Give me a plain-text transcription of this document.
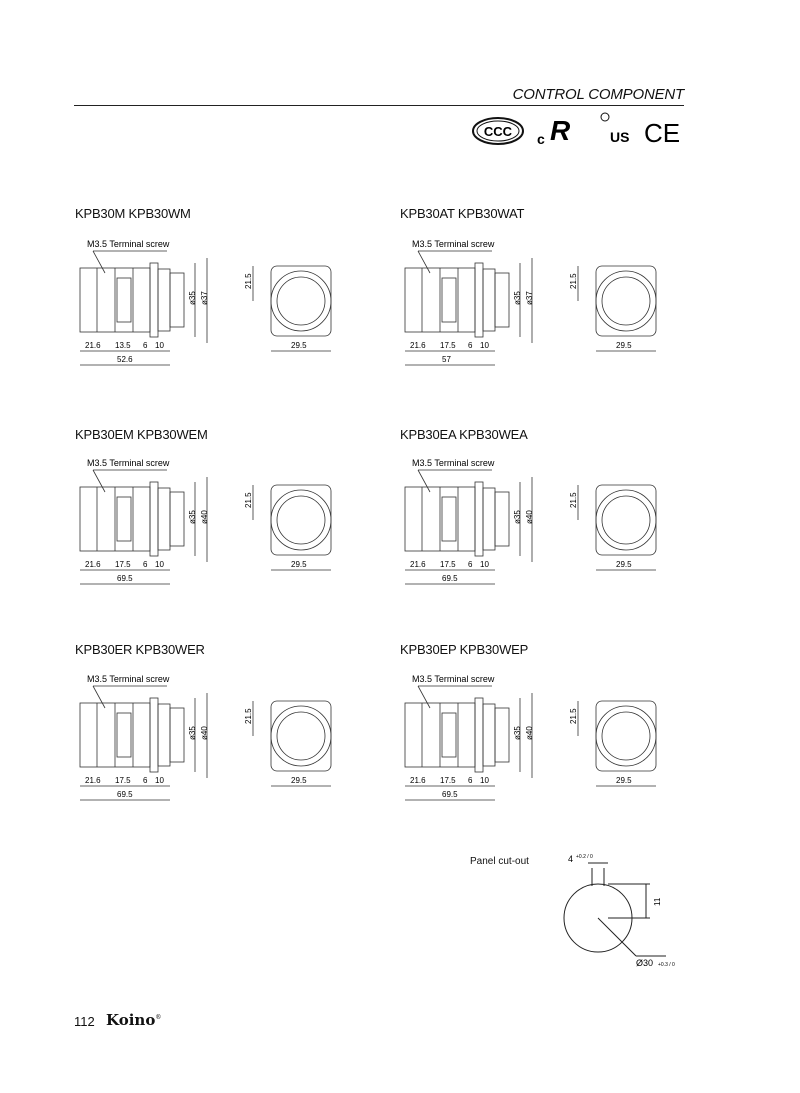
CONTROL COMPONENT
CCC c R	US CE
KPB30M KPB30WM	KPB30AT KPB30WAT
KPB30EM KPB30WEM	KPB30EA KPB30WEA
KPB30ER KPB30WER	KPB30EP KPB30WEP
M3.5 Terminal screw
ø35 ø37
21.5
29.5
21.6 13.5 6 10
52.6
M3.5 Terminal screw
ø35 ø37
21.5
29.5
21.6 17.5 6 10
57
M3.5 Terminal screw
ø35 ø40
21.5
29.5
21.6 17.5 6 10
69.5
M3.5 Terminal screw
ø35 ø40
21.5
29.5
21.6 17.5 6 10
69.5
M3.5 Terminal screw
ø35 ø40
21.5
29.5
21.6 17.5 6 10
69.5
M3.5 Terminal screw
ø35 ø40
21.5
29.5
21.6 17.5 6 10
69.5
Panel cut-out	4 +0.2 / 0
11
Ø30 +0.3 / 0
112 Koino®
